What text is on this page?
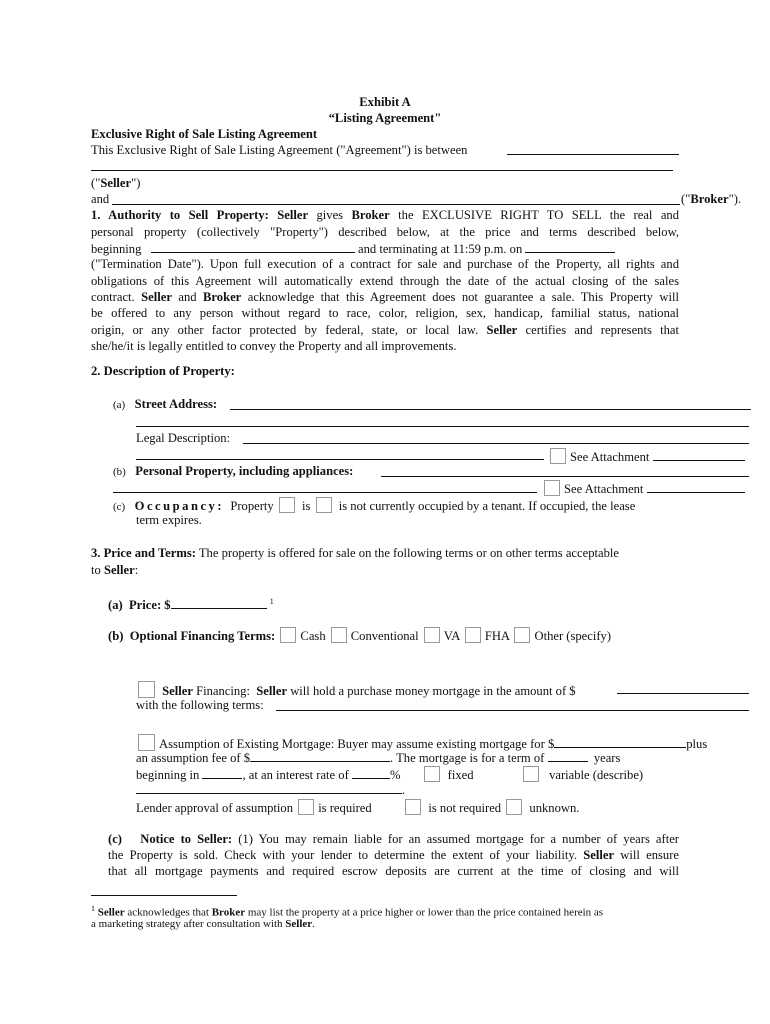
Exhibit A
“Listing Agreement"
Exclusive Right of Sale Listing Agreement
This Exclusive Right of Sale Listing Agreement ("Agreement") is between
("Seller")
and	("Broker").
1. Authority to Sell Property: Seller gives Broker the EXCLUSIVE RIGHT TO SELL the real and
personal property (collectively "Property") described below, at the price and terms described below,
beginning	and terminating at 11:59 p.m. on
("Termination Date"). Upon full execution of a contract for sale and purchase of the Property, all rights and
obligations of this Agreement will automatically extend through the date of the actual closing of the sales
contract. Seller and Broker acknowledge that this Agreement does not guarantee a sale. This Property will
be offered to any person without regard to race, color, religion, sex, handicap, familial status, national
origin, or any other factor protected by federal, state, or local law. Seller certifies and represents that
she/he/it is legally entitled to convey the Property and all improvements.
2. Description of Property:
(a) Street Address:
Legal Description:
See Attachment
(b) Personal Property, including appliances:
See Attachment
(c) Occupancy: Property is is not currently occupied by a tenant. If occupied, the lease
term expires.
3. Price and Terms: The property is offered for sale on the following terms or on other terms acceptable
to Seller:
(a) Price: $	$^1$
(b) Optional Financing Terms: Cash Conventional VA FHA Other (specify)
Seller Financing: Seller will hold a purchase money mortgage in the amount of $
with the following terms:
Assumption of Existing Mortgage: Buyer may assume existing mortgage for $	plus
an assumption fee of $	. The mortgage is for a term of	years
beginning in	, at an interest rate of	%	fixed	variable (describe)
.
Lender approval of assumption is required	is not required unknown.
(c) Notice to Seller: (1) You may remain liable for an assumed mortgage for a number of years after
the Property is sold. Check with your lender to determine the extent of your liability. Seller will ensure
that all mortgage payments and required escrow deposits are current at the time of closing and will
$^1$ Seller acknowledges that Broker may list the property at a price higher or lower than the price contained herein as
a marketing strategy after consultation with Seller.
